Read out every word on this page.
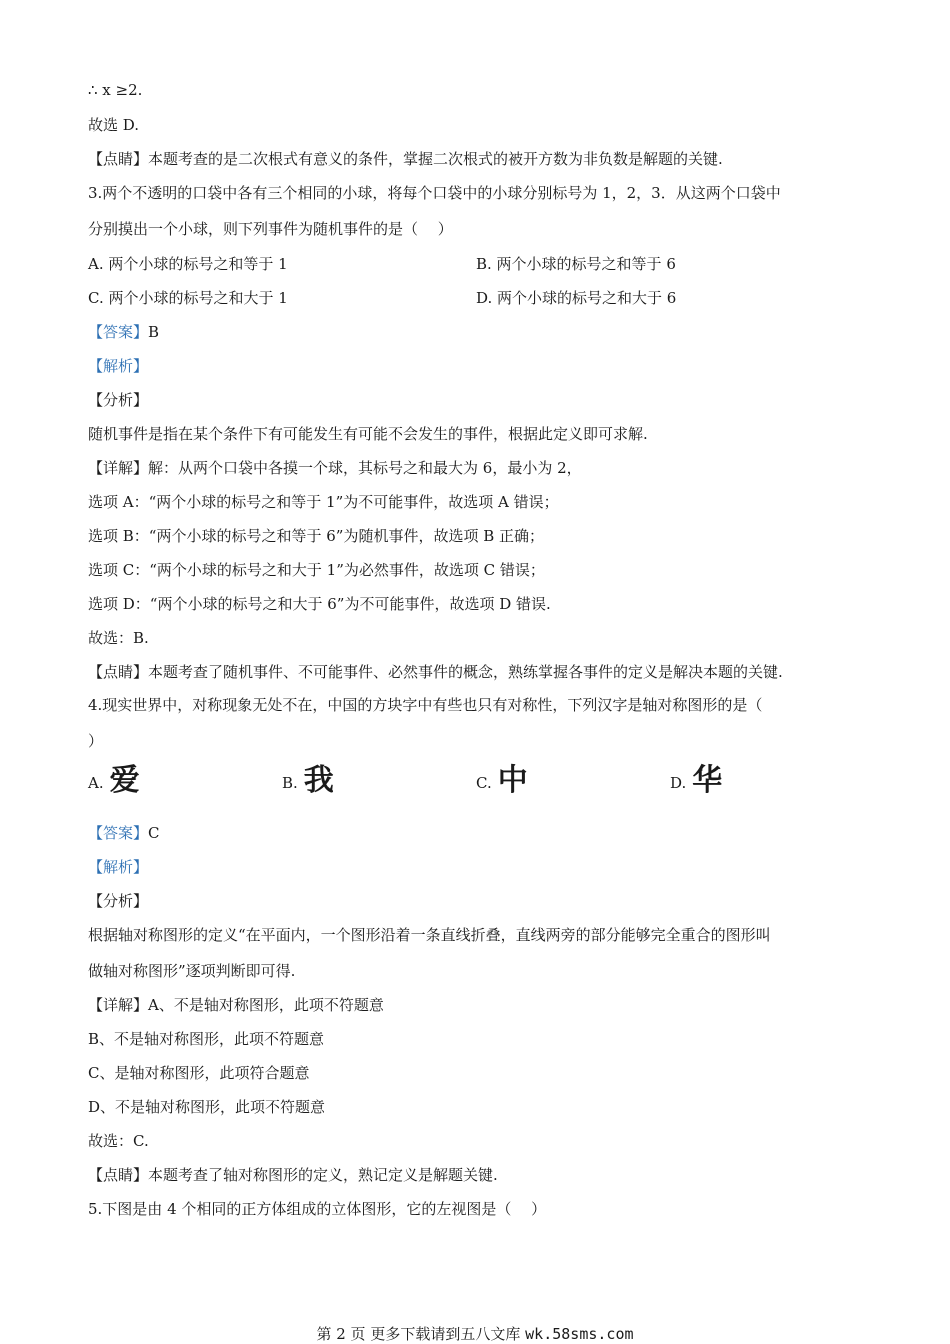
∴ x ≥2.
故选 D.
【点睛】本题考查的是二次根式有意义的条件，掌握二次根式的被开方数为非负数是解题的关键.
3.两个不透明的口袋中各有三个相同的小球，将每个口袋中的小球分别标号为 1，2，3．从这两个口袋中
分别摸出一个小球，则下列事件为随机事件的是（　 ）
A. 两个小球的标号之和等于 1	B. 两个小球的标号之和等于 6
C. 两个小球的标号之和大于 1	D. 两个小球的标号之和大于 6
【答案】B
【解析】
【分析】
随机事件是指在某个条件下有可能发生有可能不会发生的事件，根据此定义即可求解.
【详解】解：从两个口袋中各摸一个球，其标号之和最大为 6，最小为 2，
选项 A：“两个小球的标号之和等于 1”为不可能事件，故选项 A 错误；
选项 B：“两个小球的标号之和等于 6”为随机事件，故选项 B 正确；
选项 C：“两个小球的标号之和大于 1”为必然事件，故选项 C 错误；
选项 D：“两个小球的标号之和大于 6”为不可能事件，故选项 D 错误.
故选：B.
【点睛】本题考查了随机事件、不可能事件、必然事件的概念，熟练掌握各事件的定义是解决本题的关键.
4.现实世界中，对称现象无处不在，中国的方块字中有些也只有对称性，下列汉字是轴对称图形的是（
）
A. 爱	B. 我	C. 中	D. 华
【答案】C
【解析】
【分析】
根据轴对称图形的定义“在平面内，一个图形沿着一条直线折叠，直线两旁的部分能够完全重合的图形叫
做轴对称图形”逐项判断即可得.
【详解】A、不是轴对称图形，此项不符题意
B、不是轴对称图形，此项不符题意
C、是轴对称图形，此项符合题意
D、不是轴对称图形，此项不符题意
故选：C.
【点睛】本题考查了轴对称图形的定义，熟记定义是解题关键.
5.下图是由 4 个相同的正方体组成的立体图形，它的左视图是（　 ）
第 2 页 更多下载请到五八文库 wk.58sms.com
